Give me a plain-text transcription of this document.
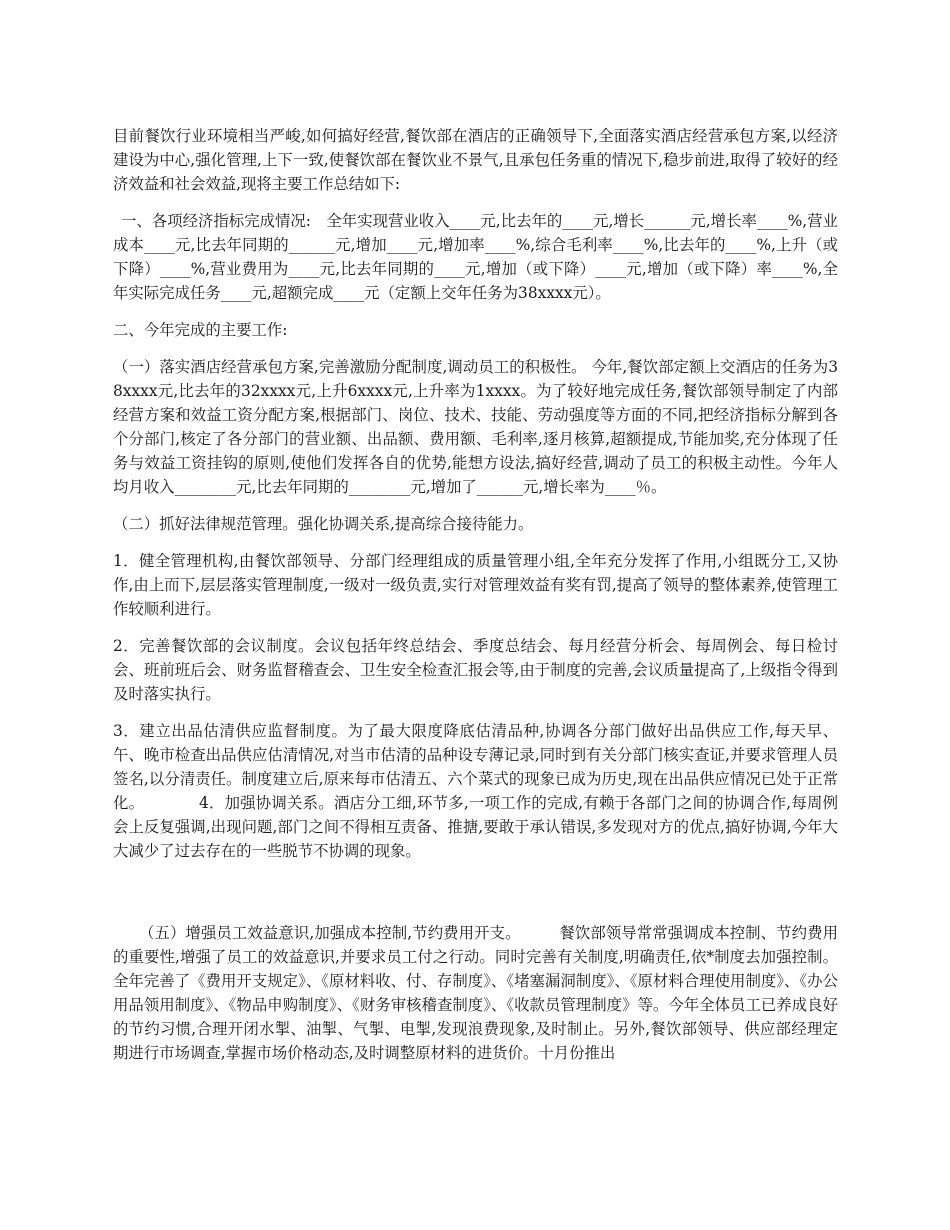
目前餐饮行业环境相当严峻,如何搞好经营,餐饮部在酒店的正确领导下,全面落实酒店经营承包方案,以经济建设为中心,强化管理,上下一致,使餐饮部在餐饮业不景气,且承包任务重的情况下,稳步前进,取得了较好的经济效益和社会效益,现将主要工作总结如下:

一、各项经济指标完成情况:　全年实现营业收入____元,比去年的____元,增长______元,增长率____%,营业成本____元,比去年同期的______元,增加____元,增加率____%,综合毛利率____%,比去年的____%,上升（或下降）____%,营业费用为____元,比去年同期的____元,增加（或下降）____元,增加（或下降）率____%,全年实际完成任务____元,超额完成____元（定额上交年任务为38xxxx元）。

二、今年完成的主要工作:

（一）落实酒店经营承包方案,完善激励分配制度,调动员工的积极性。 今年,餐饮部定额上交酒店的任务为38xxxx元,比去年的32xxxx元,上升6xxxx元,上升率为1xxxx。为了较好地完成任务,餐饮部领导制定了内部经营方案和效益工资分配方案,根据部门、岗位、技术、技能、劳动强度等方面的不同,把经济指标分解到各个分部门,核定了各分部门的营业额、出品额、费用额、毛利率,逐月核算,超额提成,节能加奖,充分体现了任务与效益工资挂钩的原则,使他们发挥各自的优势,能想方设法,搞好经营,调动了员工的积极主动性。今年人均月收入________元,比去年同期的________元,增加了______元,增长率为____％。

（二）抓好法律规范管理。强化协调关系,提高综合接待能力。

1．健全管理机构,由餐饮部领导、分部门经理组成的质量管理小组,全年充分发挥了作用,小组既分工,又协作,由上而下,层层落实管理制度,一级对一级负责,实行对管理效益有奖有罚,提高了领导的整体素养,使管理工作较顺利进行。

2．完善餐饮部的会议制度。会议包括年终总结会、季度总结会、每月经营分析会、每周例会、每日检讨会、班前班后会、财务监督稽查会、卫生安全检查汇报会等,由于制度的完善,会议质量提高了,上级指令得到及时落实执行。

3．建立出品估清供应监督制度。为了最大限度降底估清品种,协调各分部门做好出品供应工作,每天早、午、晚市检查出品供应估清情况,对当市估清的品种设专薄记录,同时到有关分部门核实查证,并要求管理人员签名,以分清责任。制度建立后,原来每市估清五、六个菜式的现象已成为历史,现在出品供应情况已处于正常化。　　　　4．加强协调关系。酒店分工细,环节多,一项工作的完成,有赖于各部门之间的协调合作,每周例会上反复强调,出现问题,部门之间不得相互责备、推搪,要敢于承认错误,多发现对方的优点,搞好协调,今年大大减少了过去存在的一些脱节不协调的现象。

（五）增强员工效益意识,加强成本控制,节约费用开支。　　　餐饮部领导常常强调成本控制、节约费用的重要性,增强了员工的效益意识,并要求员工付之行动。同时完善有关制度,明确责任,依*制度去加强控制。全年完善了《费用开支规定》、《原材料收、付、存制度》、《堵塞漏洞制度》、《原材料合理使用制度》、《办公用品领用制度》、《物品申购制度》、《财务审核稽查制度》、《收款员管理制度》等。今年全体员工已养成良好的节约习惯,合理开闭水掣、油掣、气掣、电掣,发现浪费现象,及时制止。另外,餐饮部领导、供应部经理定期进行市场调查,掌握市场价格动态,及时调整原材料的进货价。十月份推出
